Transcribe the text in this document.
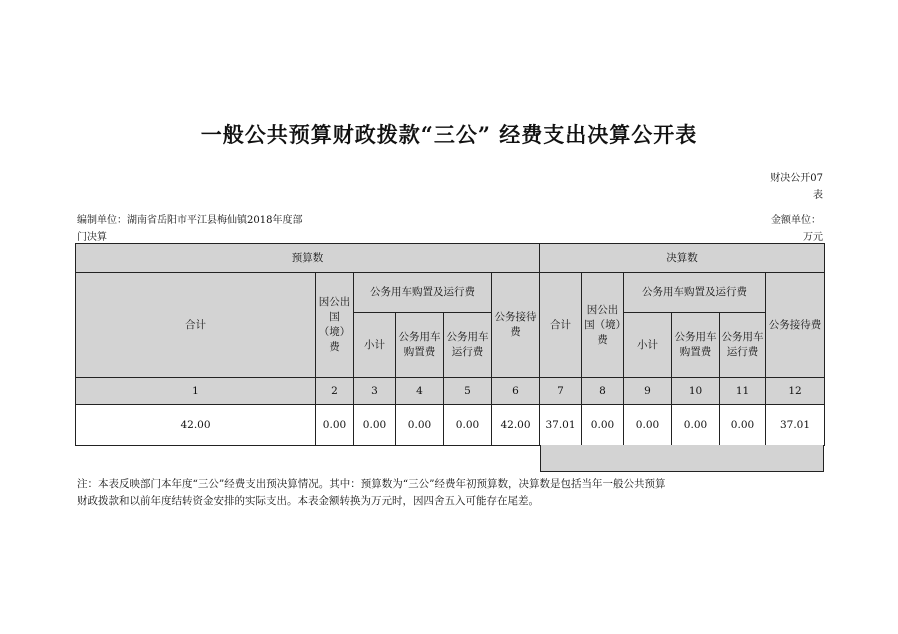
一般公共预算财政拨款“三公” 经费支出决算公开表
财决公开07
表
编制单位：湖南省岳阳市平江县梅仙镇2018年度部
门决算
金额单位：
万元
预算数						决算数					
合计	因公出国（境）费	公务用车购置及运行费			公务接待费	合计	因公出国（境）费	公务用车购置及运行费			公务接待费
		小计	公务用车购置费	公务用车运行费				小计	公务用车购置费	公务用车运行费	
1	2	3	4	5	6	7	8	9	10	11	12
42.00	0.00	0.00	0.00	0.00	42.00	37.01	0.00	0.00	0.00	0.00	37.01
注：本表反映部门本年度“三公”经费支出预决算情况。其中：预算数为“三公”经费年初预算数，决算数是包括当年一般公共预算
财政拨款和以前年度结转资金安排的实际支出。本表金额转换为万元时，因四舍五入可能存在尾差。
